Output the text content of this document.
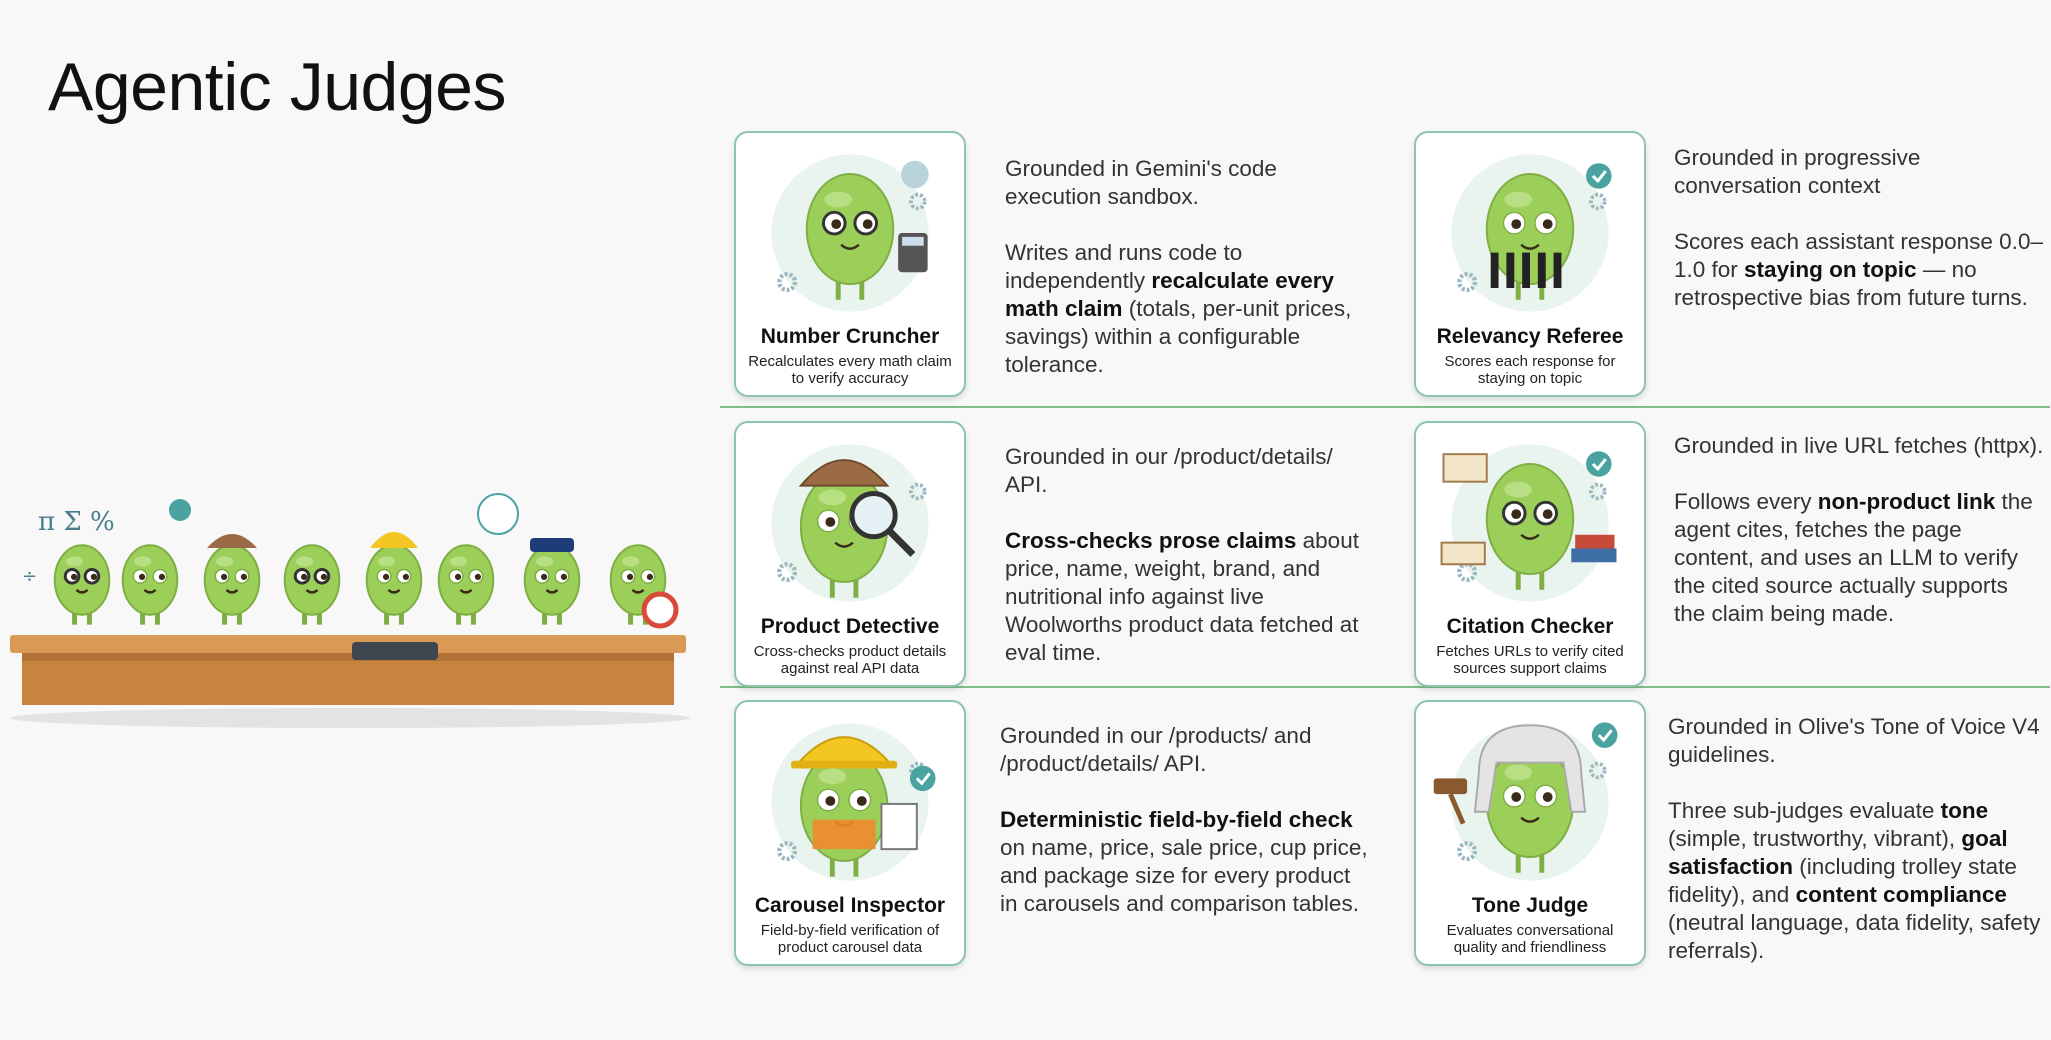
Agentic Judges
π Σ %
÷
Number Cruncher
Recalculates every math claim to verify accuracy

Grounded in Gemini's code execution sandbox.

Writes and runs code to independently recalculate every math claim (totals, per-unit prices, savings) within a configurable tolerance.

Relevancy Referee
Scores each response for staying on topic

Grounded in progressive conversation context

Scores each assistant response 0.0–1.0 for staying on topic — no retrospective bias from future turns.

Product Detective
Cross-checks product details against real API data

Grounded in our /product/details/ API.

Cross-checks prose claims about price, name, weight, brand, and nutritional info against live Woolworths product data fetched at eval time.

Citation Checker
Fetches URLs to verify cited sources support claims

Grounded in live URL fetches (httpx).

Follows every non-product link the agent cites, fetches the page content, and uses an LLM to verify the cited source actually supports the claim being made.

Carousel Inspector
Field-by-field verification of product carousel data

Grounded in our /products/ and /product/details/ API.

Deterministic field-by-field check on name, price, sale price, cup price, and package size for every product in carousels and comparison tables.	Tone Judge
Evaluates conversational quality and friendliness

Grounded in Olive's Tone of Voice V4 guidelines.

Three sub-judges evaluate tone (simple, trustworthy, vibrant), goal satisfaction (including trolley state fidelity), and content compliance (neutral language, data fidelity, safety referrals).
